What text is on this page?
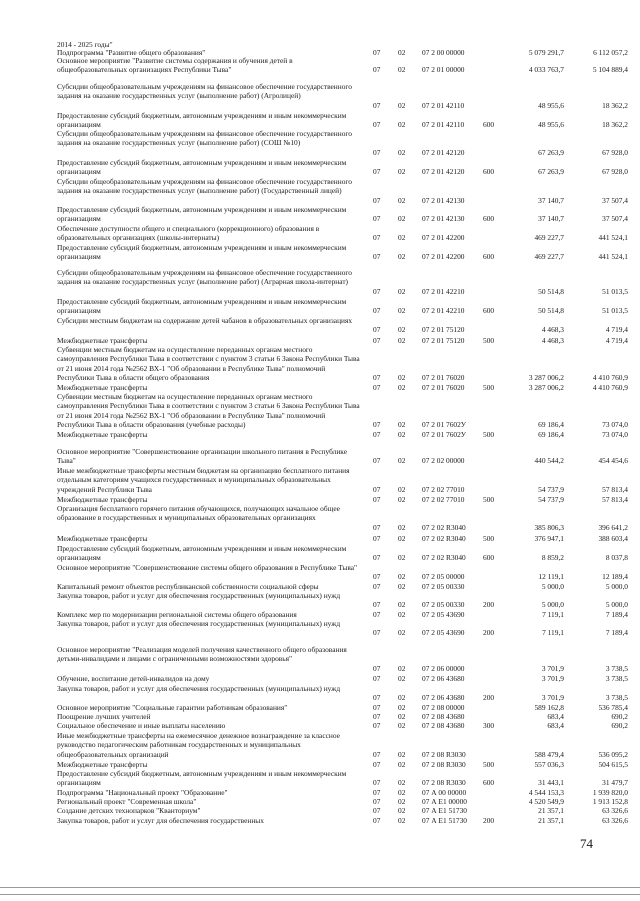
2014 - 2025 годы"
Подпрограмма "Развитие общего образования"	07 02 07 2 00 00000	5 079 291,7	6 112 057,2
Основное мероприятие "Развитие системы содержания и обучения детей в общеобразовательных организациях Республики Тыва"	07 02 07 2 01 00000	4 033 763,7	5 104 889,4
Субсидии общеобразовательным учреждениям на финансовое обеспечение государственного задания на оказание государственных услуг (выполнение работ) (Агролицей)
07 02 07 2 01 42110	48 955,6	18 362,2
Предоставление субсидий бюджетным, автономным учреждениям и иным некоммерческим организациям	07 02 07 2 01 42110	600	48 955,6	18 362,2
Субсидии общеобразовательным учреждениям на финансовое обеспечение государственного задания на оказание государственных услуг (выполнение работ) (СОШ №10)
07 02 07 2 01 42120	67 263,9	67 928,0
Предоставление субсидий бюджетным, автономным учреждениям и иным некоммерческим организациям	07 02 07 2 01 42120	600	67 263,9	67 928,0
Субсидии общеобразовательным учреждениям на финансовое обеспечение государственного задания на оказание государственных услуг (выполнение работ) (Государственный лицей)
07 02 07 2 01 42130	37 140,7	37 507,4
Предоставление субсидий бюджетным, автономным учреждениям и иным некоммерческим организациям	07 02 07 2 01 42130	600	37 140,7	37 507,4
Обеспечение доступности общего и специального (коррекционного) образования в образовательных организациях (школы-интернаты)	07 02 07 2 01 42200	469 227,7	441 524,1
Предоставление субсидий бюджетным, автономным учреждениям и иным некоммерческим организациям	07 02 07 2 01 42200	600	469 227,7	441 524,1
Субсидии общеобразовательным учреждениям на финансовое обеспечение государственного задания на оказание государственных услуг (выполнение работ) (Аграрная школа-интернат)
07 02 07 2 01 42210	50 514,8	51 013,5
Предоставление субсидий бюджетным, автономным учреждениям и иным некоммерческим организациям	07 02 07 2 01 42210	600	50 514,8	51 013,5
Субсидии местным бюджетам на содержание детей чабанов в образовательных организациях
07 02 07 2 01 75120	4 468,3	4 719,4
Межбюджетные трансферты	07 02 07 2 01 75120	500	4 468,3	4 719,4
Субвенции местным бюджетам на осуществление переданных органам местного самоуправления Республики Тыва в соответствии с пунктом 3 статьи 6 Закона Республики Тыва от 21 июня 2014 года №2562 ВХ-1 "Об образовании в Республике Тыва" полномочий Республики Тыва в области общего образования	07 02 07 2 01 76020	3 287 006,2	4 410 760,9
Межбюджетные трансферты	07 02 07 2 01 76020	500	3 287 006,2	4 410 760,9
Субвенции местным бюджетам на осуществление переданных органам местного самоуправления Республики Тыва в соответствии с пунктом 3 статьи 6 Закона Республики Тыва от 21 июня 2014 года №2562 ВХ-1 "Об образовании в Республике Тыва" полномочий Республики Тыва в области образования (учебные расходы)	07 02 07 2 01 7602У	69 186,4	73 074,0
Межбюджетные трансферты	07 02 07 2 01 7602У 500	69 186,4	73 074,0
Основное мероприятие "Совершенствование организации школьного питания в Республике Тыва"	07 02 07 2 02 00000	440 544,2	454 454,6
Иные межбюджетные трансферты местным бюджетам на организацию бесплатного питания отдельным категориям учащихся государственных и муниципальных образовательных учреждений Республики Тыва	07 02 07 2 02 77010	54 737,9	57 813,4
Межбюджетные трансферты	07 02 07 2 02 77010	500	54 737,9	57 813,4
Организация бесплатного горячего питания обучающихся, получающих начальное общее образование в государственных и муниципальных образовательных организациях
07 02 07 2 02 R3040	385 806,3	396 641,2
Межбюджетные трансферты	07 02 07 2 02 R3040 500	376 947,1	388 603,4
Предоставление субсидий бюджетным, автономным учреждениям и иным некоммерческим организациям	07 02 07 2 02 R3040 600	8 859,2	8 037,8
Основное мероприятие "Совершенствование системы общего образования в Республике Тыва"
07 02 07 2 05 00000	12 119,1	12 189,4
Капитальный ремонт объектов республиканской собственности социальной сферы	07 02 07 2 05 00330	5 000,0	5 000,0
Закупка товаров, работ и услуг для обеспечения государственных (муниципальных) нужд
07 02 07 2 05 00330	200	5 000,0	5 000,0
Комплекс мер по модернизации региональной системы общего образования	07 02 07 2 05 43690	7 119,1	7 189,4
Закупка товаров, работ и услуг для обеспечения государственных (муниципальных) нужд
07 02 07 2 05 43690	200	7 119,1	7 189,4
Основное мероприятие "Реализация моделей получения качественного общего образования детьми-инвалидами и лицами с ограниченными возможностями здоровья"
07 02 07 2 06 00000	3 701,9	3 738,5
Обучение, воспитание детей-инвалидов на дому	07 02 07 2 06 43680	3 701,9	3 738,5
Закупка товаров, работ и услуг для обеспечения государственных (муниципальных) нужд
07 02 07 2 06 43680	200	3 701,9	3 738,5
Основное мероприятие "Социальные гарантии работникам образования"	07 02 07 2 08 00000	589 162,8	536 785,4
Поощрение лучших учителей	07 02 07 2 08 43680	683,4	690,2
Социальное обеспечение и иные выплаты населению	07 02 07 2 08 43680	300	683,4	690,2
Иные межбюджетные трансферты на ежемесячное денежное вознаграждение за классное руководство педагогическим работникам государственных и муниципальных общеобразовательных организаций	07 02 07 2 08 R3030	588 479,4	536 095,2
Межбюджетные трансферты	07 02 07 2 08 R3030 500	557 036,3	504 615,5
Предоставление субсидий бюджетным, автономным учреждениям и иным некоммерческим организациям	07 02 07 2 08 R3030 600	31 443,1	31 479,7
Подпрограмма "Национальный проект "Образование"	07 02 07 А 00 00000	4 544 153,3	1 939 820,0
Региональный проект "Современная школа"	07 02 07 А Е1 00000	4 520 549,9	1 913 152,8
Создание детских технопарков "Кванториум"	07 02 07 А Е1 51730	21 357,1	63 326,6
Закупка товаров, работ и услуг для обеспечения государственных	07 02 07 А Е1 51730 200	21 357,1	63 326,6
74
